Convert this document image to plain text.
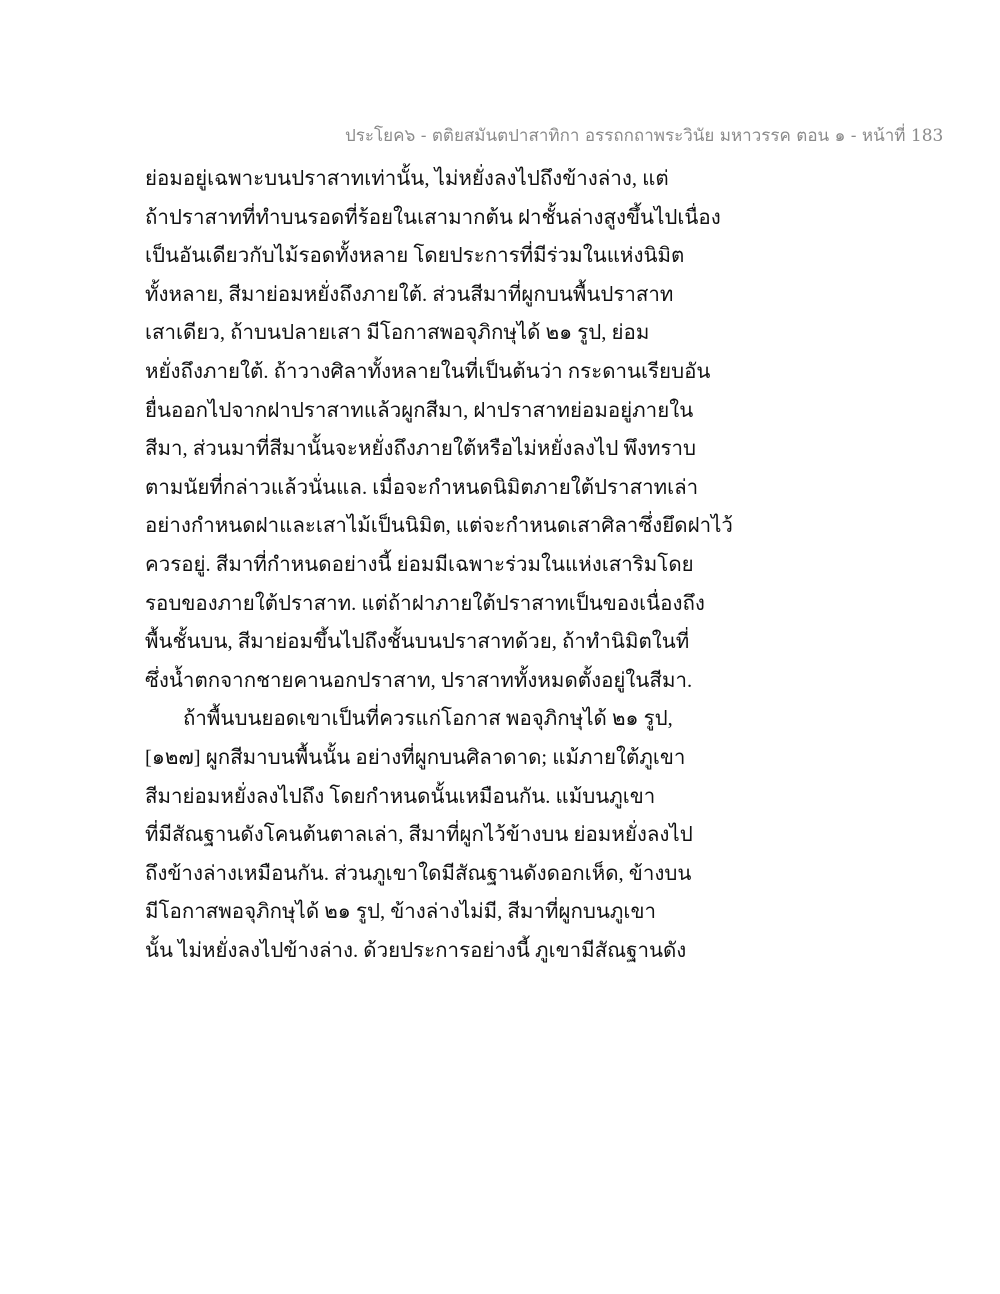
ประโยค๖ - ตติยสมันตปาสาทิกา อรรถกถาพระวินัย มหาวรรค ตอน ๑ - หน้าที่ 183
ย่อมอยู่เฉพาะบนปราสาทเท่านั้น, ไม่หยั่งลงไปถึงข้างล่าง, แต่
ถ้าปราสาทที่ทำบนรอดที่ร้อยในเสามากต้น ฝาชั้นล่างสูงขึ้นไปเนื่อง
เป็นอันเดียวกับไม้รอดทั้งหลาย โดยประการที่มีร่วมในแห่งนิมิต
ทั้งหลาย, สีมาย่อมหยั่งถึงภายใต้. ส่วนสีมาที่ผูกบนพื้นปราสาท
เสาเดียว, ถ้าบนปลายเสา มีโอกาสพอจุภิกษุได้ ๒๑ รูป, ย่อม
หยั่งถึงภายใต้. ถ้าวางศิลาทั้งหลายในที่เป็นต้นว่า กระดานเรียบอัน
ยื่นออกไปจากฝาปราสาทแล้วผูกสีมา, ฝาปราสาทย่อมอยู่ภายใน
สีมา, ส่วนมาที่สีมานั้นจะหยั่งถึงภายใต้หรือไม่หยั่งลงไป พึงทราบ
ตามนัยที่กล่าวแล้วนั่นแล. เมื่อจะกำหนดนิมิตภายใต้ปราสาทเล่า
อย่างกำหนดฝาและเสาไม้เป็นนิมิต, แต่จะกำหนดเสาศิลาซึ่งยึดฝาไว้
ควรอยู่. สีมาที่กำหนดอย่างนี้ ย่อมมีเฉพาะร่วมในแห่งเสาริมโดย
รอบของภายใต้ปราสาท. แต่ถ้าฝาภายใต้ปราสาทเป็นของเนื่องถึง
พื้นชั้นบน, สีมาย่อมขึ้นไปถึงชั้นบนปราสาทด้วย, ถ้าทำนิมิตในที่
ซึ่งน้ำตกจากชายคานอกปราสาท, ปราสาททั้งหมดตั้งอยู่ในสีมา.
ถ้าพื้นบนยอดเขาเป็นที่ควรแก่โอกาส พอจุภิกษุได้ ๒๑ รูป,
[๑๒๗] ผูกสีมาบนพื้นนั้น อย่างที่ผูกบนศิลาดาด; แม้ภายใต้ภูเขา
สีมาย่อมหยั่งลงไปถึง โดยกำหนดนั้นเหมือนกัน. แม้บนภูเขา
ที่มีสัณฐานดังโคนต้นตาลเล่า, สีมาที่ผูกไว้ข้างบน ย่อมหยั่งลงไป
ถึงข้างล่างเหมือนกัน. ส่วนภูเขาใดมีสัณฐานดังดอกเห็ด, ข้างบน
มีโอกาสพอจุภิกษุได้ ๒๑ รูป, ข้างล่างไม่มี, สีมาที่ผูกบนภูเขา
นั้น ไม่หยั่งลงไปข้างล่าง. ด้วยประการอย่างนี้ ภูเขามีสัณฐานดัง
